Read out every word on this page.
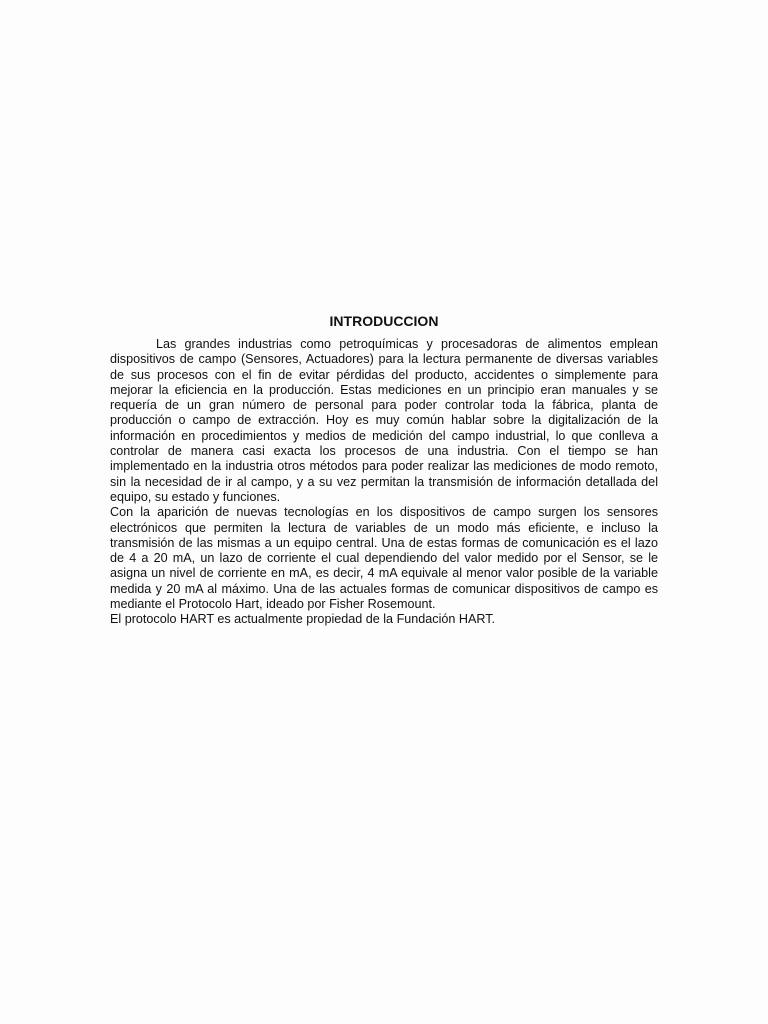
INTRODUCCION

Las grandes industrias como petroquímicas y procesadoras de alimentos emplean dispositivos de campo (Sensores, Actuadores) para la lectura permanente de diversas variables de sus procesos con el fin de evitar pérdidas del producto, accidentes o simplemente para mejorar la eficiencia en la producción. Estas mediciones en un principio eran manuales y se requería de un gran número de personal para poder controlar toda la fábrica, planta de producción o campo de extracción. Hoy es muy común hablar sobre la digitalización de la información en procedimientos y medios de medición del campo industrial, lo que conlleva a controlar de manera casi exacta los procesos de una industria. Con el tiempo se han implementado en la industria otros métodos para poder realizar las mediciones de modo remoto, sin la necesidad de ir al campo, y a su vez permitan la transmisión de información detallada del equipo, su estado y funciones.

Con la aparición de nuevas tecnologías en los dispositivos de campo surgen los sensores electrónicos que permiten la lectura de variables de un modo más eficiente, e incluso la transmisión de las mismas a un equipo central. Una de estas formas de comunicación es el lazo de 4 a 20 mA, un lazo de corriente el cual dependiendo del valor medido por el Sensor, se le asigna un nivel de corriente en mA, es decir, 4 mA equivale al menor valor posible de la variable medida y 20 mA al máximo. Una de las actuales formas de comunicar dispositivos de campo es mediante el Protocolo Hart, ideado por Fisher Rosemount.

El protocolo HART es actualmente propiedad de la Fundación HART.
